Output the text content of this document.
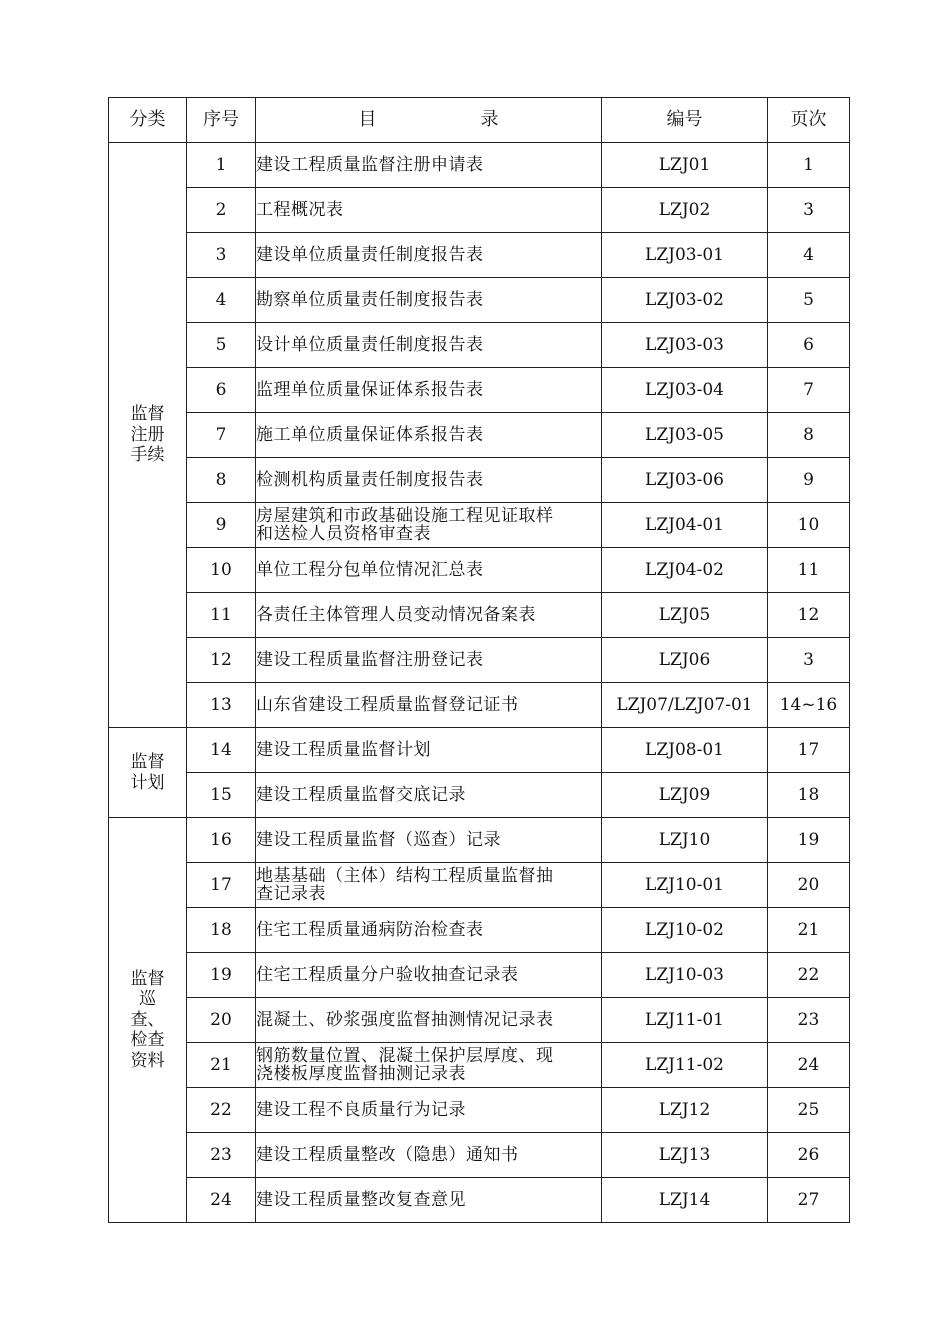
分类	序号	目 录	编号	页次
监督注册手续	1	建设工程质量监督注册申请表	LZJ01	1
	2	工程概况表	LZJ02	3
	3	建设单位质量责任制度报告表	LZJ03-01	4
	4	勘察单位质量责任制度报告表	LZJ03-02	5
	5	设计单位质量责任制度报告表	LZJ03-03	6
	6	监理单位质量保证体系报告表	LZJ03-04	7
	7	施工单位质量保证体系报告表	LZJ03-05	8
	8	检测机构质量责任制度报告表	LZJ03-06	9
	9	房屋建筑和市政基础设施工程见证取样和送检人员资格审查表	LZJ04-01	10
	10	单位工程分包单位情况汇总表	LZJ04-02	11
	11	各责任主体管理人员变动情况备案表	LZJ05	12
	12	建设工程质量监督注册登记表	LZJ06	3
	13	山东省建设工程质量监督登记证书	LZJ07/LZJ07-01	14~16
监督计划	14	建设工程质量监督计划	LZJ08-01	17
	15	建设工程质量监督交底记录	LZJ09	18
监督巡查、检查资料	16	建设工程质量监督（巡查）记录	LZJ10	19
	17	地基基础（主体）结构工程质量监督抽查记录表	LZJ10-01	20
	18	住宅工程质量通病防治检查表	LZJ10-02	21
	19	住宅工程质量分户验收抽查记录表	LZJ10-03	22
	20	混凝土、砂浆强度监督抽测情况记录表	LZJ11-01	23
	21	钢筋数量位置、混凝土保护层厚度、现浇楼板厚度监督抽测记录表	LZJ11-02	24
	22	建设工程不良质量行为记录	LZJ12	25
	23	建设工程质量整改（隐患）通知书	LZJ13	26
	24	建设工程质量整改复查意见	LZJ14	27
